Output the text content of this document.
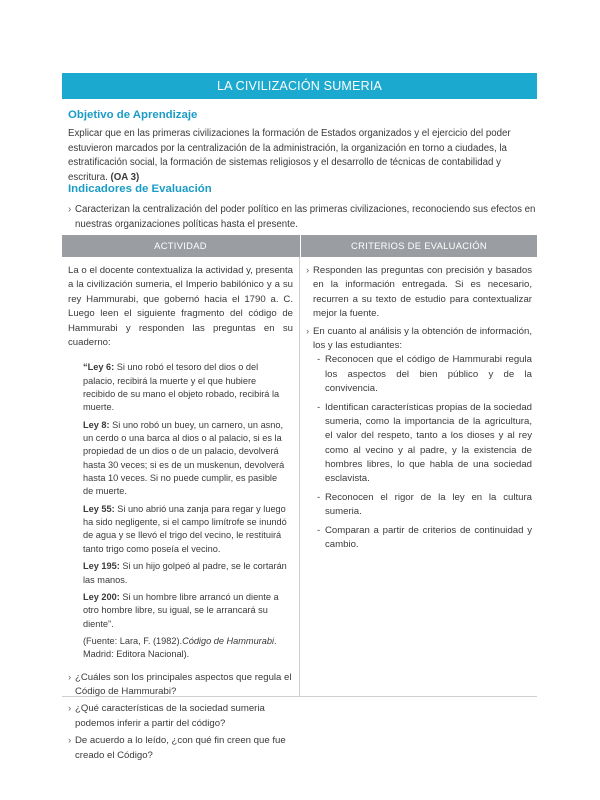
LA CIVILIZACIÓN SUMERIA
Objetivo de Aprendizaje

Explicar que en las primeras civilizaciones la formación de Estados organizados y el ejercicio del poder estuvieron marcados por la centralización de la administración, la organización en torno a ciudades, la estratificación social, la formación de sistemas religiosos y el desarrollo de técnicas de contabilidad y escritura. (OA 3)

Indicadores de Evaluación
› Caracterizan la centralización del poder político en las primeras civilizaciones, reconociendo sus efectos en nuestras organizaciones políticas hasta el presente.
ACTIVIDAD	CRITERIOS DE EVALUACIÓN

La o el docente contextualiza la actividad y, presenta a la civilización sumeria, el Imperio babilónico y a su rey Hammurabi, que gobernó hacia el 1790 a. C. Luego leen el siguiente fragmento del código de Hammurabi y responden las preguntas en su cuaderno:

“Ley 6: Si uno robó el tesoro del dios o del palacio, recibirá la muerte y el que hubiere recibido de su mano el objeto robado, recibirá la muerte.

Ley 8: Si uno robó un buey, un carnero, un asno, un cerdo o una barca al dios o al palacio, si es la propiedad de un dios o de un palacio, devolverá hasta 30 veces; si es de un muskenun, devolverá hasta 10 veces. Si no puede cumplir, es pasible de muerte.

Ley 55: Si uno abrió una zanja para regar y luego ha sido negligente, si el campo limítrofe se inundó de agua y se llevó el trigo del vecino, le restituirá tanto trigo como poseía el vecino.

Ley 195: Si un hijo golpeó al padre, se le cortarán las manos.

Ley 200: Si un hombre libre arrancó un diente a otro hombre libre, su igual, se le arrancará su diente”.

(Fuente: Lara, F. (1982).Código de Hammurabi. Madrid: Editora Nacional).

› ¿Cuáles son los principales aspectos que regula el Código de Hammurabi?
› ¿Qué características de la sociedad sumeria podemos inferir a partir del código?
› De acuerdo a lo leído, ¿con qué fin creen que fue creado el Código?
› Responden las preguntas con precisión y basados en la información entregada. Si es necesario, recurren a su texto de estudio para contextualizar mejor la fuente.
› En cuanto al análisis y la obtención de información, los y las estudiantes:
- Reconocen que el código de Hammurabi regula los aspectos del bien público y de la convivencia.
- Identifican características propias de la sociedad sumeria, como la importancia de la agricultura, el valor del respeto, tanto a los dioses y al rey como al vecino y al padre, y la existencia de hombres libres, lo que habla de una sociedad esclavista.
- Reconocen el rigor de la ley en la cultura sumeria.
- Comparan a partir de criterios de continuidad y cambio.
